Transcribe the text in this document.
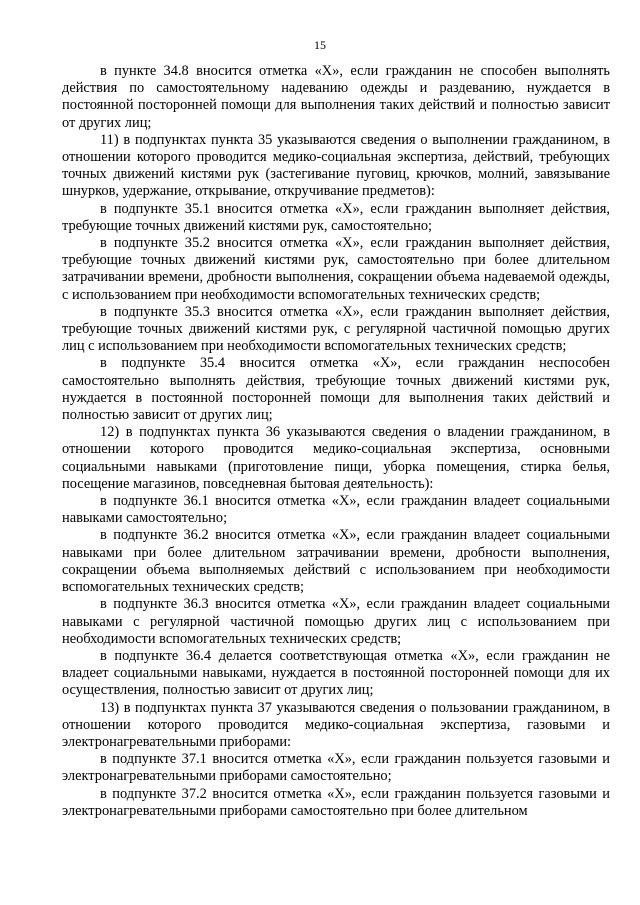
15

в пункте 34.8 вносится отметка «Х», если гражданин не способен выполнять действия по самостоятельному надеванию одежды и раздеванию, нуждается в постоянной посторонней помощи для выполнения таких действий и полностью зависит от других лиц;

11) в подпунктах пункта 35 указываются сведения о выполнении гражданином, в отношении которого проводится медико-социальная экспертиза, действий, требующих точных движений кистями рук (застегивание пуговиц, крючков, молний, завязывание шнурков, удержание, открывание, откручивание предметов):

в подпункте 35.1 вносится отметка «Х», если гражданин выполняет действия, требующие точных движений кистями рук, самостоятельно;

в подпункте 35.2 вносится отметка «Х», если гражданин выполняет действия, требующие точных движений кистями рук, самостоятельно при более длительном затрачивании времени, дробности выполнения, сокращении объема надеваемой одежды, с использованием при необходимости вспомогательных технических средств;

в подпункте 35.3 вносится отметка «Х», если гражданин выполняет действия, требующие точных движений кистями рук, с регулярной частичной помощью других лиц с использованием при необходимости вспомогательных технических средств;

в подпункте 35.4 вносится отметка «Х», если гражданин неспособен самостоятельно выполнять действия, требующие точных движений кистями рук, нуждается в постоянной посторонней помощи для выполнения таких действий и полностью зависит от других лиц;

12) в подпунктах пункта 36 указываются сведения о владении гражданином, в отношении которого проводится медико-социальная экспертиза, основными социальными навыками (приготовление пищи, уборка помещения, стирка белья, посещение магазинов, повседневная бытовая деятельность):

в подпункте 36.1 вносится отметка «Х», если гражданин владеет социальными навыками самостоятельно;

в подпункте 36.2 вносится отметка «Х», если гражданин владеет социальными навыками при более длительном затрачивании времени, дробности выполнения, сокращении объема выполняемых действий с использованием при необходимости вспомогательных технических средств;

в подпункте 36.3 вносится отметка «Х», если гражданин владеет социальными навыками с регулярной частичной помощью других лиц с использованием при необходимости вспомогательных технических средств;

в подпункте 36.4 делается соответствующая отметка «Х», если гражданин не владеет социальными навыками, нуждается в постоянной посторонней помощи для их осуществления, полностью зависит от других лиц;

13) в подпунктах пункта 37 указываются сведения о пользовании гражданином, в отношении которого проводится медико-социальная экспертиза, газовыми и электронагревательными приборами:

в подпункте 37.1 вносится отметка «Х», если гражданин пользуется газовыми и электронагревательными приборами самостоятельно;

в подпункте 37.2 вносится отметка «Х», если гражданин пользуется газовыми и электронагревательными приборами самостоятельно при более длительном
